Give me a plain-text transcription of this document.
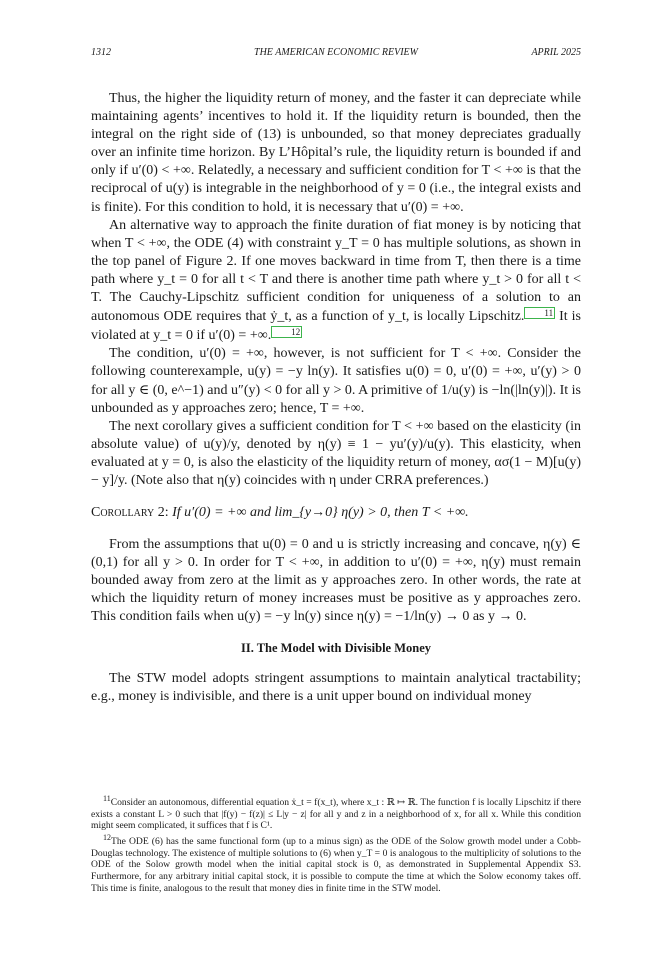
1312	THE AMERICAN ECONOMIC REVIEW	APRIL 2025

Thus, the higher the liquidity return of money, and the faster it can depreciate while maintaining agents’ incentives to hold it. If the liquidity return is bounded, then the integral on the right side of (13) is unbounded, so that money depreciates gradually over an infinite time horizon. By L’Hôpital’s rule, the liquidity return is bounded if and only if u′(0) < +∞. Relatedly, a necessary and sufficient condition for T < +∞ is that the reciprocal of u(y) is integrable in the neighborhood of y = 0 (i.e., the integral exists and is finite). For this condition to hold, it is necessary that u′(0) = +∞.

An alternative way to approach the finite duration of fiat money is by noticing that when T < +∞, the ODE (4) with constraint y_T = 0 has multiple solutions, as shown in the top panel of Figure 2. If one moves backward in time from T, then there is a time path where y_t = 0 for all t < T and there is another time path where y_t > 0 for all t < T. The Cauchy-Lipschitz sufficient condition for uniqueness of a solution to an autonomous ODE requires that ẏ_t, as a function of y_t, is locally Lipschitz. 11 It is violated at y_t = 0 if u′(0) = +∞. 12

The condition, u′(0) = +∞, however, is not sufficient for T < +∞. Consider the following counterexample, u(y) = −y ln(y). It satisfies u(0) = 0, u′(0) = +∞, u′(y) > 0 for all y ∈ (0, e^−1) and u″(y) < 0 for all y > 0. A primitive of 1/u(y) is −ln(|ln(y)|). It is unbounded as y approaches zero; hence, T = +∞.

The next corollary gives a sufficient condition for T < +∞ based on the elasticity (in absolute value) of u(y)/y, denoted by η(y) ≡ 1 − yu′(y)/u(y). This elasticity, when evaluated at y = 0, is also the elasticity of the liquidity return of money, ασ(1 − M)[u(y) − y]/y. (Note also that η(y) coincides with η under CRRA preferences.)

Corollary 2: If u′(0) = +∞ and lim_{y→0} η(y) > 0, then T < +∞.

From the assumptions that u(0) = 0 and u is strictly increasing and concave, η(y) ∈ (0,1) for all y > 0. In order for T < +∞, in addition to u′(0) = +∞, η(y) must remain bounded away from zero at the limit as y approaches zero. In other words, the rate at which the liquidity return of money increases must be positive as y approaches zero. This condition fails when u(y) = −y ln(y) since η(y) = −1/ln(y) → 0 as y → 0.

II. The Model with Divisible Money

The STW model adopts stringent assumptions to maintain analytical tractability; e.g., money is indivisible, and there is a unit upper bound on individual money

$^{11}$Consider an autonomous, differential equation ẋ_t = f(x_t), where x_t : ℝ ↦ ℝ. The function f is locally Lipschitz if there exists a constant L > 0 such that |f(y) − f(z)| ≤ L|y − z| for all y and z in a neighborhood of x, for all x. While this condition might seem complicated, it suffices that f is C¹.

$^{12}$The ODE (6) has the same functional form (up to a minus sign) as the ODE of the Solow growth model under a Cobb-Douglas technology. The existence of multiple solutions to (6) when y_T = 0 is analogous to the multiplicity of solutions to the ODE of the Solow growth model when the initial capital stock is 0, as demonstrated in Supplemental Appendix S3. Furthermore, for any arbitrary initial capital stock, it is possible to compute the time at which the Solow economy takes off. This time is finite, analogous to the result that money dies in finite time in the STW model.
